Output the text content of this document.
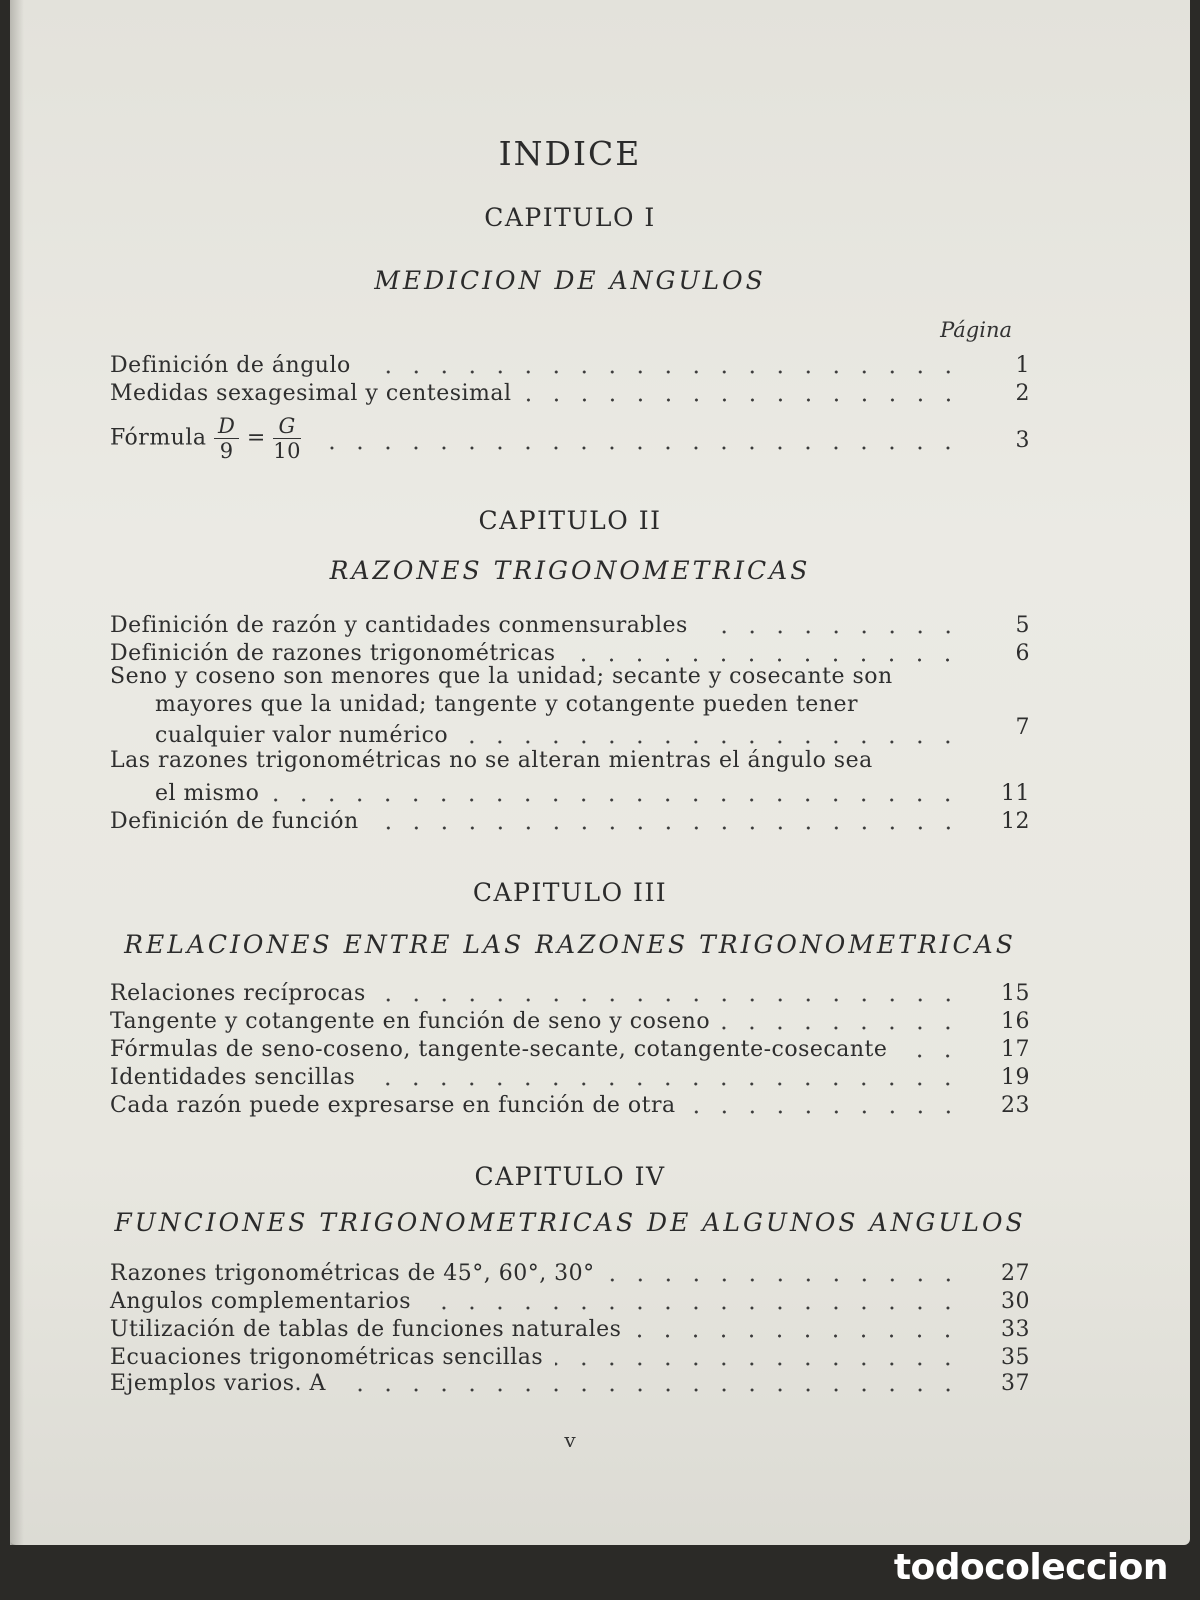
INDICE
CAPITULO I
MEDICION DE ANGULOS
Página
Definición de ángulo	1
Medidas sexagesimal y centesimal	2
Fórmula $\frac{D}{9} = \frac{G}{10}$	3
CAPITULO II
RAZONES TRIGONOMETRICAS
Definición de razón y cantidades conmensurables	5
Definición de razones trigonométricas	6
Seno y coseno son menores que la unidad; secante y cosecante son
mayores que la unidad; tangente y cotangente pueden tener
cualquier valor numérico	7
Las razones trigonométricas no se alteran mientras el ángulo sea
el mismo	11
Definición de función	12
CAPITULO III
RELACIONES ENTRE LAS RAZONES TRIGONOMETRICAS
Relaciones recíprocas	15
Tangente y cotangente en función de seno y coseno	16
Fórmulas de seno-coseno, tangente-secante, cotangente-cosecante	17
Identidades sencillas	19
Cada razón puede expresarse en función de otra	23
CAPITULO IV
FUNCIONES TRIGONOMETRICAS DE ALGUNOS ANGULOS
Razones trigonométricas de 45°, 60°, 30°	27
Angulos complementarios	30
Utilización de tablas de funciones naturales	33
Ecuaciones trigonométricas sencillas	35
Ejemplos varios. A	37
v
todocoleccion
